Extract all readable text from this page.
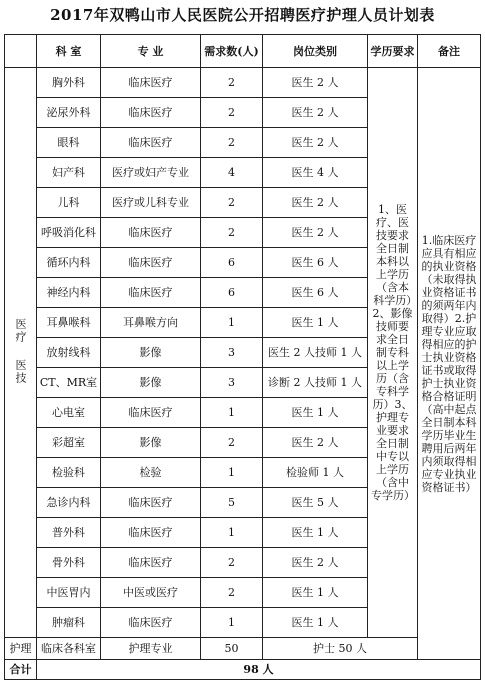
2017年双鸭山市人民医院公开招聘医疗护理人员计划表
	科 室	专 业	需求数(人)	岗位类别	学历要求	备注
医疗 医技	胸外科	临床医疗	2	医生 2 人	1、医疗、医技要求全日制本科以上学历（含本科学历）2、影像技师要求全日制专科以上学历（含专科学历）3、护理专业要求全日制中专以上学历（含中专学历）	1.临床医疗应具有相应的执业资格（未取得执业资格证书的须两年内取得）2.护理专业应取得相应的护士执业资格证书或取得护士执业资格合格证明（高中起点全日制本科学历毕业生聘用后两年内须取得相应专业执业资格证书）
	泌尿外科	临床医疗	2	医生 2 人		
	眼科	临床医疗	2	医生 2 人		
	妇产科	医疗或妇产专业	4	医生 4 人		
	儿科	医疗或儿科专业	2	医生 2 人		
	呼吸消化科	临床医疗	2	医生 2 人		
	循环内科	临床医疗	6	医生 6 人		
	神经内科	临床医疗	6	医生 6 人		
	耳鼻喉科	耳鼻喉方向	1	医生 1 人		
	放射线科	影像	3	医生 2 人技师 1 人		
	CT、MR室	影像	3	诊断 2 人技师 1 人		
	心电室	临床医疗	1	医生 1 人		
	彩超室	影像	2	医生 2 人		
	检验科	检验	1	检验师 1 人		
	急诊内科	临床医疗	5	医生 5 人		
	普外科	临床医疗	1	医生 1 人		
	骨外科	临床医疗	2	医生 2 人		
	中医胃内	中医或医疗	2	医生 1 人		
	肿瘤科	临床医疗	1	医生 1 人		
护理	临床各科室	护理专业	50	护士 50 人		
合计	98 人					
